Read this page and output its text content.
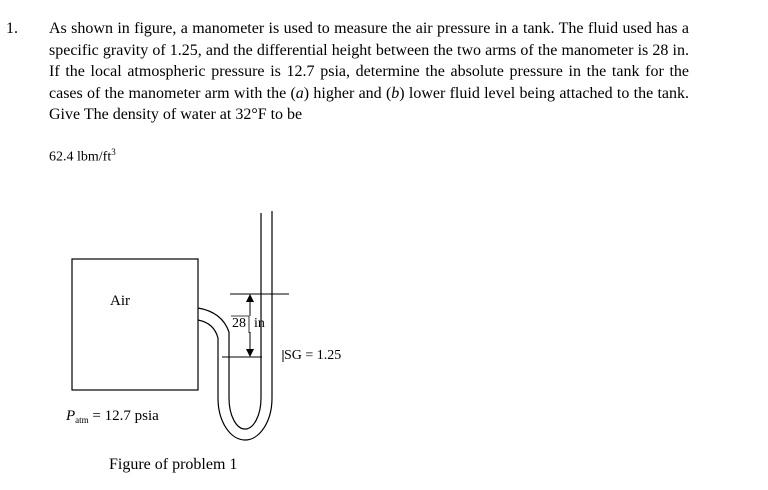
1. As shown in figure, a manometer is used to measure the air pressure in a tank. The fluid used has a specific gravity of 1.25, and the differential height between the two arms of the manometer is 28 in. If the local atmospheric pressure is 12.7 psia, determine the absolute pressure in the tank for the cases of the manometer arm with the (a) higher and (b) lower fluid level being attached to the tank. Give The density of water at 32°F to be

62.4 lbm/$ft^3$
Air
28 in
SG = 1.25
$P_{atm} = 12.7$ psia
Figure of problem 1
